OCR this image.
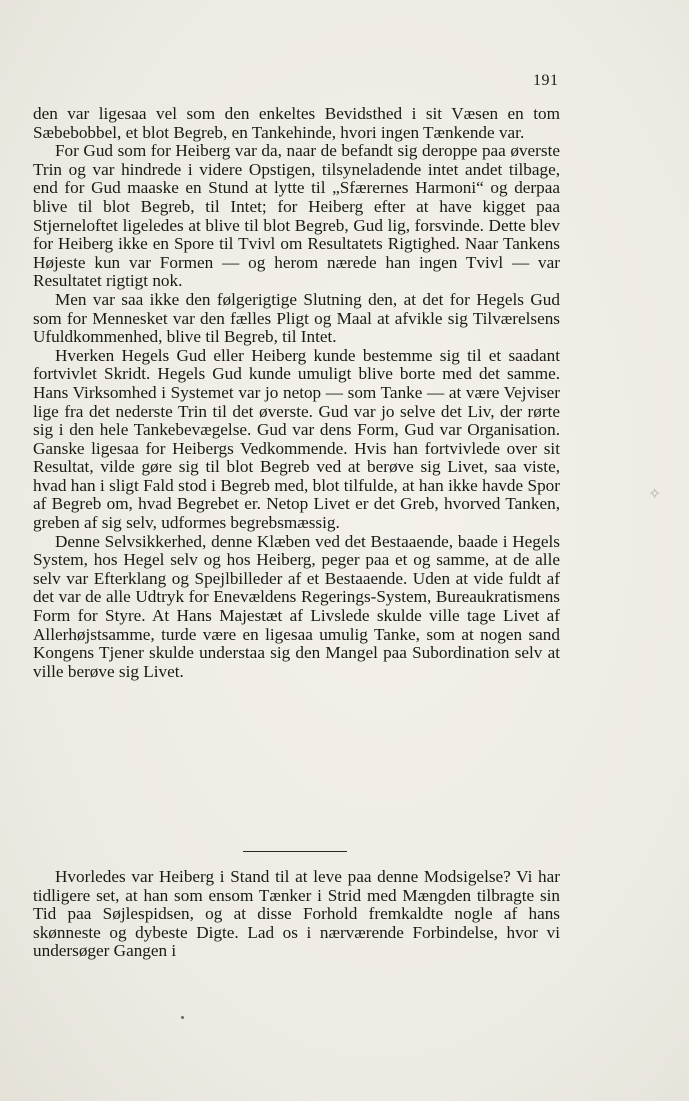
191

den var ligesaa vel som den enkeltes Bevidsthed i sit Væsen en tom Sæbebobbel, et blot Begreb, en Tankehinde, hvori ingen Tænkende var.

For Gud som for Heiberg var da, naar de befandt sig deroppe paa øverste Trin og var hindrede i videre Opstigen, tilsyneladende intet andet tilbage, end for Gud maaske en Stund at lytte til „Sfærernes Harmoni“ og derpaa blive til blot Begreb, til Intet; for Heiberg efter at have kigget paa Stjerneloftet ligeledes at blive til blot Begreb, Gud lig, forsvinde. Dette blev for Heiberg ikke en Spore til Tvivl om Resultatets Rigtighed. Naar Tankens Højeste kun var Formen — og herom nærede han ingen Tvivl — var Resultatet rigtigt nok.

Men var saa ikke den følgerigtige Slutning den, at det for Hegels Gud som for Mennesket var den fælles Pligt og Maal at afvikle sig Tilværelsens Ufuldkommenhed, blive til Begreb, til Intet.

Hverken Hegels Gud eller Heiberg kunde bestemme sig til et saadant fortvivlet Skridt. Hegels Gud kunde umuligt blive borte med det samme. Hans Virksomhed i Systemet var jo netop — som Tanke — at være Vejviser lige fra det nederste Trin til det øverste. Gud var jo selve det Liv, der rørte sig i den hele Tankebevægelse. Gud var dens Form, Gud var Organisation. Ganske ligesaa for Heibergs Vedkommende. Hvis han fortvivlede over sit Resultat, vilde gøre sig til blot Begreb ved at berøve sig Livet, saa viste, hvad han i sligt Fald stod i Begreb med, blot tilfulde, at han ikke havde Spor af Begreb om, hvad Begrebet er. Netop Livet er det Greb, hvorved Tanken, greben af sig selv, udformes begrebsmæssig.

Denne Selvsikkerhed, denne Klæben ved det Bestaaende, baade i Hegels System, hos Hegel selv og hos Heiberg, peger paa et og samme, at de alle selv var Efterklang og Spejlbilleder af et Bestaaende. Uden at vide fuldt af det var de alle Udtryk for Enevældens Regerings-System, Bureaukratismens Form for Styre. At Hans Majestæt af Livslede skulde ville tage Livet af Allerhøjstsamme, turde være en ligesaa umulig Tanke, som at nogen sand Kongens Tjener skulde understaa sig den Mangel paa Subordination selv at ville berøve sig Livet.

Hvorledes var Heiberg i Stand til at leve paa denne Modsigelse? Vi har tidligere set, at han som ensom Tænker i Strid med Mængden tilbragte sin Tid paa Søjlespidsen, og at disse Forhold fremkaldte nogle af hans skønneste og dybeste Digte. Lad os i nærværende Forbindelse, hvor vi undersøger Gangen i

✧
